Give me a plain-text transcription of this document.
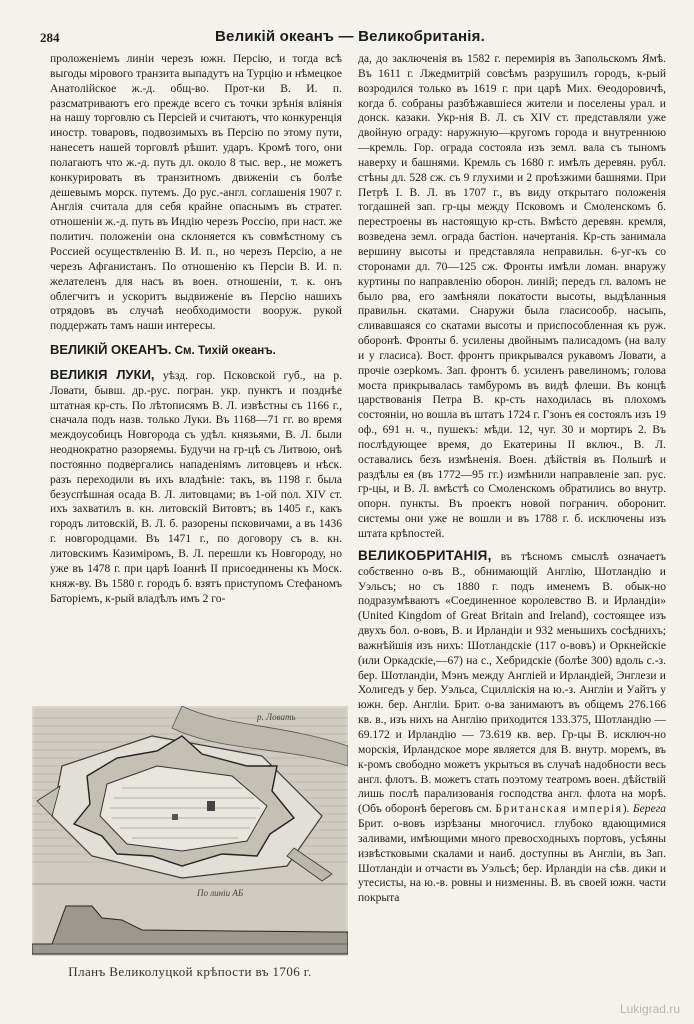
284	Великій океанъ — Великобританія.

проложеніемъ линіи черезъ южн. Персію, и тогда всѣ выгоды мірового транзита выпадутъ на Турцію и нѣмецкое Анатолійское ж.-д. общ-во. Прот-ки В. И. п. разсматриваютъ его прежде всего съ точки зрѣнія вліянія на нашу торговлю съ Персіей и считаютъ, что конкуренція иностр. товаровъ, подвозимыхъ въ Персію по этому пути, нанесетъ нашей торговлѣ рѣшит. ударъ. Кромѣ того, они полагаютъ что ж.-д. путь дл. около 8 тыс. вер., не можетъ конкурировать въ транзитномъ движеніи съ болѣе дешевымъ морск. путемъ. До рус.-англ. соглашенія 1907 г. Англія считала для себя крайне опаснымъ въ стратег. отношеніи ж.-д. путь въ Индію черезъ Россію, при наст. же политич. положеніи она склоняется къ совмѣстному съ Россией осуществленію В. И. п., но черезъ Персію, а не черезъ Афганистанъ. По отношенію къ Персіи В. И. п. желателенъ для насъ въ воен. отношеніи, т. к. онъ облегчитъ и ускоритъ выдвиженіе въ Персію нашихъ отрядовъ въ случаѣ необходимости вооруж. рукой поддержать тамъ наши интересы.

ВЕЛИКІЙ ОКЕАНЪ. См. Тихій океанъ.

ВЕЛИКІЯ ЛУКИ, уѣзд. гор. Псковской губ., на р. Ловати, бывш. др.-рус. погран. укр. пунктъ и позднѣе штатная кр-сть. По лѣтописямъ В. Л. извѣстны съ 1166 г., сначала подъ назв. только Луки. Въ 1168—71 гг. во время междоусобицъ Новгорода съ удѣл. князьями, В. Л. были неоднократно разоряемы. Будучи на гр-цѣ съ Литвою, онѣ постоянно подвергались нападеніямъ литовцевъ и нѣск. разъ переходили въ ихъ владѣніе: такъ, въ 1198 г. была безуспѣшная осада В. Л. литовцами; въ 1-ой пол. XIV ст. ихъ захватилъ в. кн. литовскій Витовтъ; въ 1405 г., какъ городъ литовскій, В. Л. б. разорены псковичами, а въ 1436 г. новгородцами. Въ 1471 г., по договору съ в. кн. литовскимъ Казиміромъ, В. Л. перешли къ Новгороду, но уже въ 1478 г. при царѣ Іоаннѣ II присоединены къ Моск. княж-ву. Въ 1580 г. городъ б. взятъ приступомъ Стефаномъ Баторіемъ, к-рый владѣлъ имъ 2 го-

да, до заключенія въ 1582 г. перемирія въ Запольскомъ Ямѣ. Въ 1611 г. Лжедмитрій совсѣмъ разрушилъ городъ, к-рый возродился только въ 1619 г. при царѣ Мих. Ѳеодоровичѣ, когда б. собраны разбѣжавшіеся жители и поселены урал. и донск. казаки. Укр-нія В. Л. съ XIV ст. представляли уже двойную ограду: наружную—кругомъ города и внутреннюю—кремль. Гор. ограда состояла изъ земл. вала съ тыномъ наверху и башнями. Кремль съ 1680 г. имѣлъ деревян. рубл. стѣны дл. 528 сж. съ 9 глухими и 2 проѣзжими башнями. При Петрѣ I. В. Л. въ 1707 г., въ виду открытаго положенія тогдашней зап. гр-цы между Псковомъ и Смоленскомъ б. перестроены въ настоящую кр-сть. Вмѣсто деревян. кремля, возведена земл. ограда бастіон. начертанія. Кр-сть занимала вершину высоты и представляла неправильн. 6-уг-къ со сторонами дл. 70—125 сж. Фронты имѣли ломан. внаружу куртины по направленію оборон. линій; передъ гл. валомъ не было рва, его замѣняли покатости высоты, выдѣланныя правильн. скатами. Снаружи была гласисообр. насыпь, сливавшаяся со скатами высоты и приспособленная къ руж. оборонѣ. Фронты б. усилены двойнымъ палисадомъ (на валу и у гласиса). Вост. фронтъ прикрывался рукавомъ Ловати, а прочіе озерkомъ. Зап. фронтъ б. усиленъ равелиномъ; голова моста прикрывалась тамбуромъ въ видѣ флеши. Въ концѣ царствованія Петра В. кр-сть находилась въ плохомъ состояніи, но вошла въ штатъ 1724 г. Гзонъ ея состоялъ изъ 19 оф., 691 н. ч., пушекъ: мѣди. 12, чуг. 30 и мортиръ 2. Въ послѣдующее время, до Екатерины II включ., В. Л. оставались безъ измѣненія. Воен. дѣйствія въ Польшѣ и раздѣлы ея (въ 1772—95 гг.) измѣнили направленіе зап. рус. гр-цы, и В. Л. вмѣстѣ со Смоленскомъ обратились во внутр. опорн. пункты. Въ проектъ новой погранич. оборонит. системы они уже не вошли и въ 1788 г. б. исключены изъ штата крѣпостей.

ВЕЛИКОБРИТАНІЯ, въ тѣсномъ смыслѣ означаетъ собственно о-въ В., обнимающій Англію, Шотландію и Уэльсъ; но съ 1880 г. подъ именемъ В. обык-но подразумѣваютъ «Соединенное королевство В. и Ирландіи» (United Kingdom of Great Britain and Ireland), состоящее изъ двухъ бол. о-вовъ, В. и Ирландіи и 932 меньшихъ сосѣднихъ; важнѣйшія изъ нихъ: Шотландскіе (117 о-вовъ) и Оркнейскіе (или Оркадскіе,—67) на с., Хебридскіе (болѣе 300) вдоль с.-з. бер. Шотландіи, Мэнъ между Англіей и Ирландіей, Энглези и Холигедъ у бер. Уэльса, Сцилліскія на ю.-з. Англіи и Уайтъ у южн. бер. Англіи. Брит. о-ва занимаютъ въ общемъ 276.166 кв. в., изъ нихъ на Англію приходится 133.375, Шотландію — 69.172 и Ирландію — 73.619 кв. вер. Гр-цы В. исключ-но морскія, Ирландское море является для В. внутр. моремъ, въ к-ромъ свободно можетъ укрыться въ случаѣ надобности весь англ. флотъ. В. можетъ стать поэтому театромъ воен. дѣйствій лишь послѣ парализованія господства англ. флота на морѣ. (Объ оборонѣ береговъ см. Британская имперія). Берега Брит. о-вовъ изрѣзаны многочисл. глубоко вдающимися заливами, имѣющими много превосходныхъ портовъ, усѣяны извѣстковыми скалами и наиб. доступны въ Англіи, въ Зап. Шотландіи и отчасти въ Уэльсѣ; бер. Ирландіи на сѣв. дики и утесисты, на ю.-в. ровны и низменны. В. въ своей южн. части покрыта

р. Ловать
По линіи АБ
Планъ Великолуцкой крѣпости въ 1706 г.
Lukigrad.ru
